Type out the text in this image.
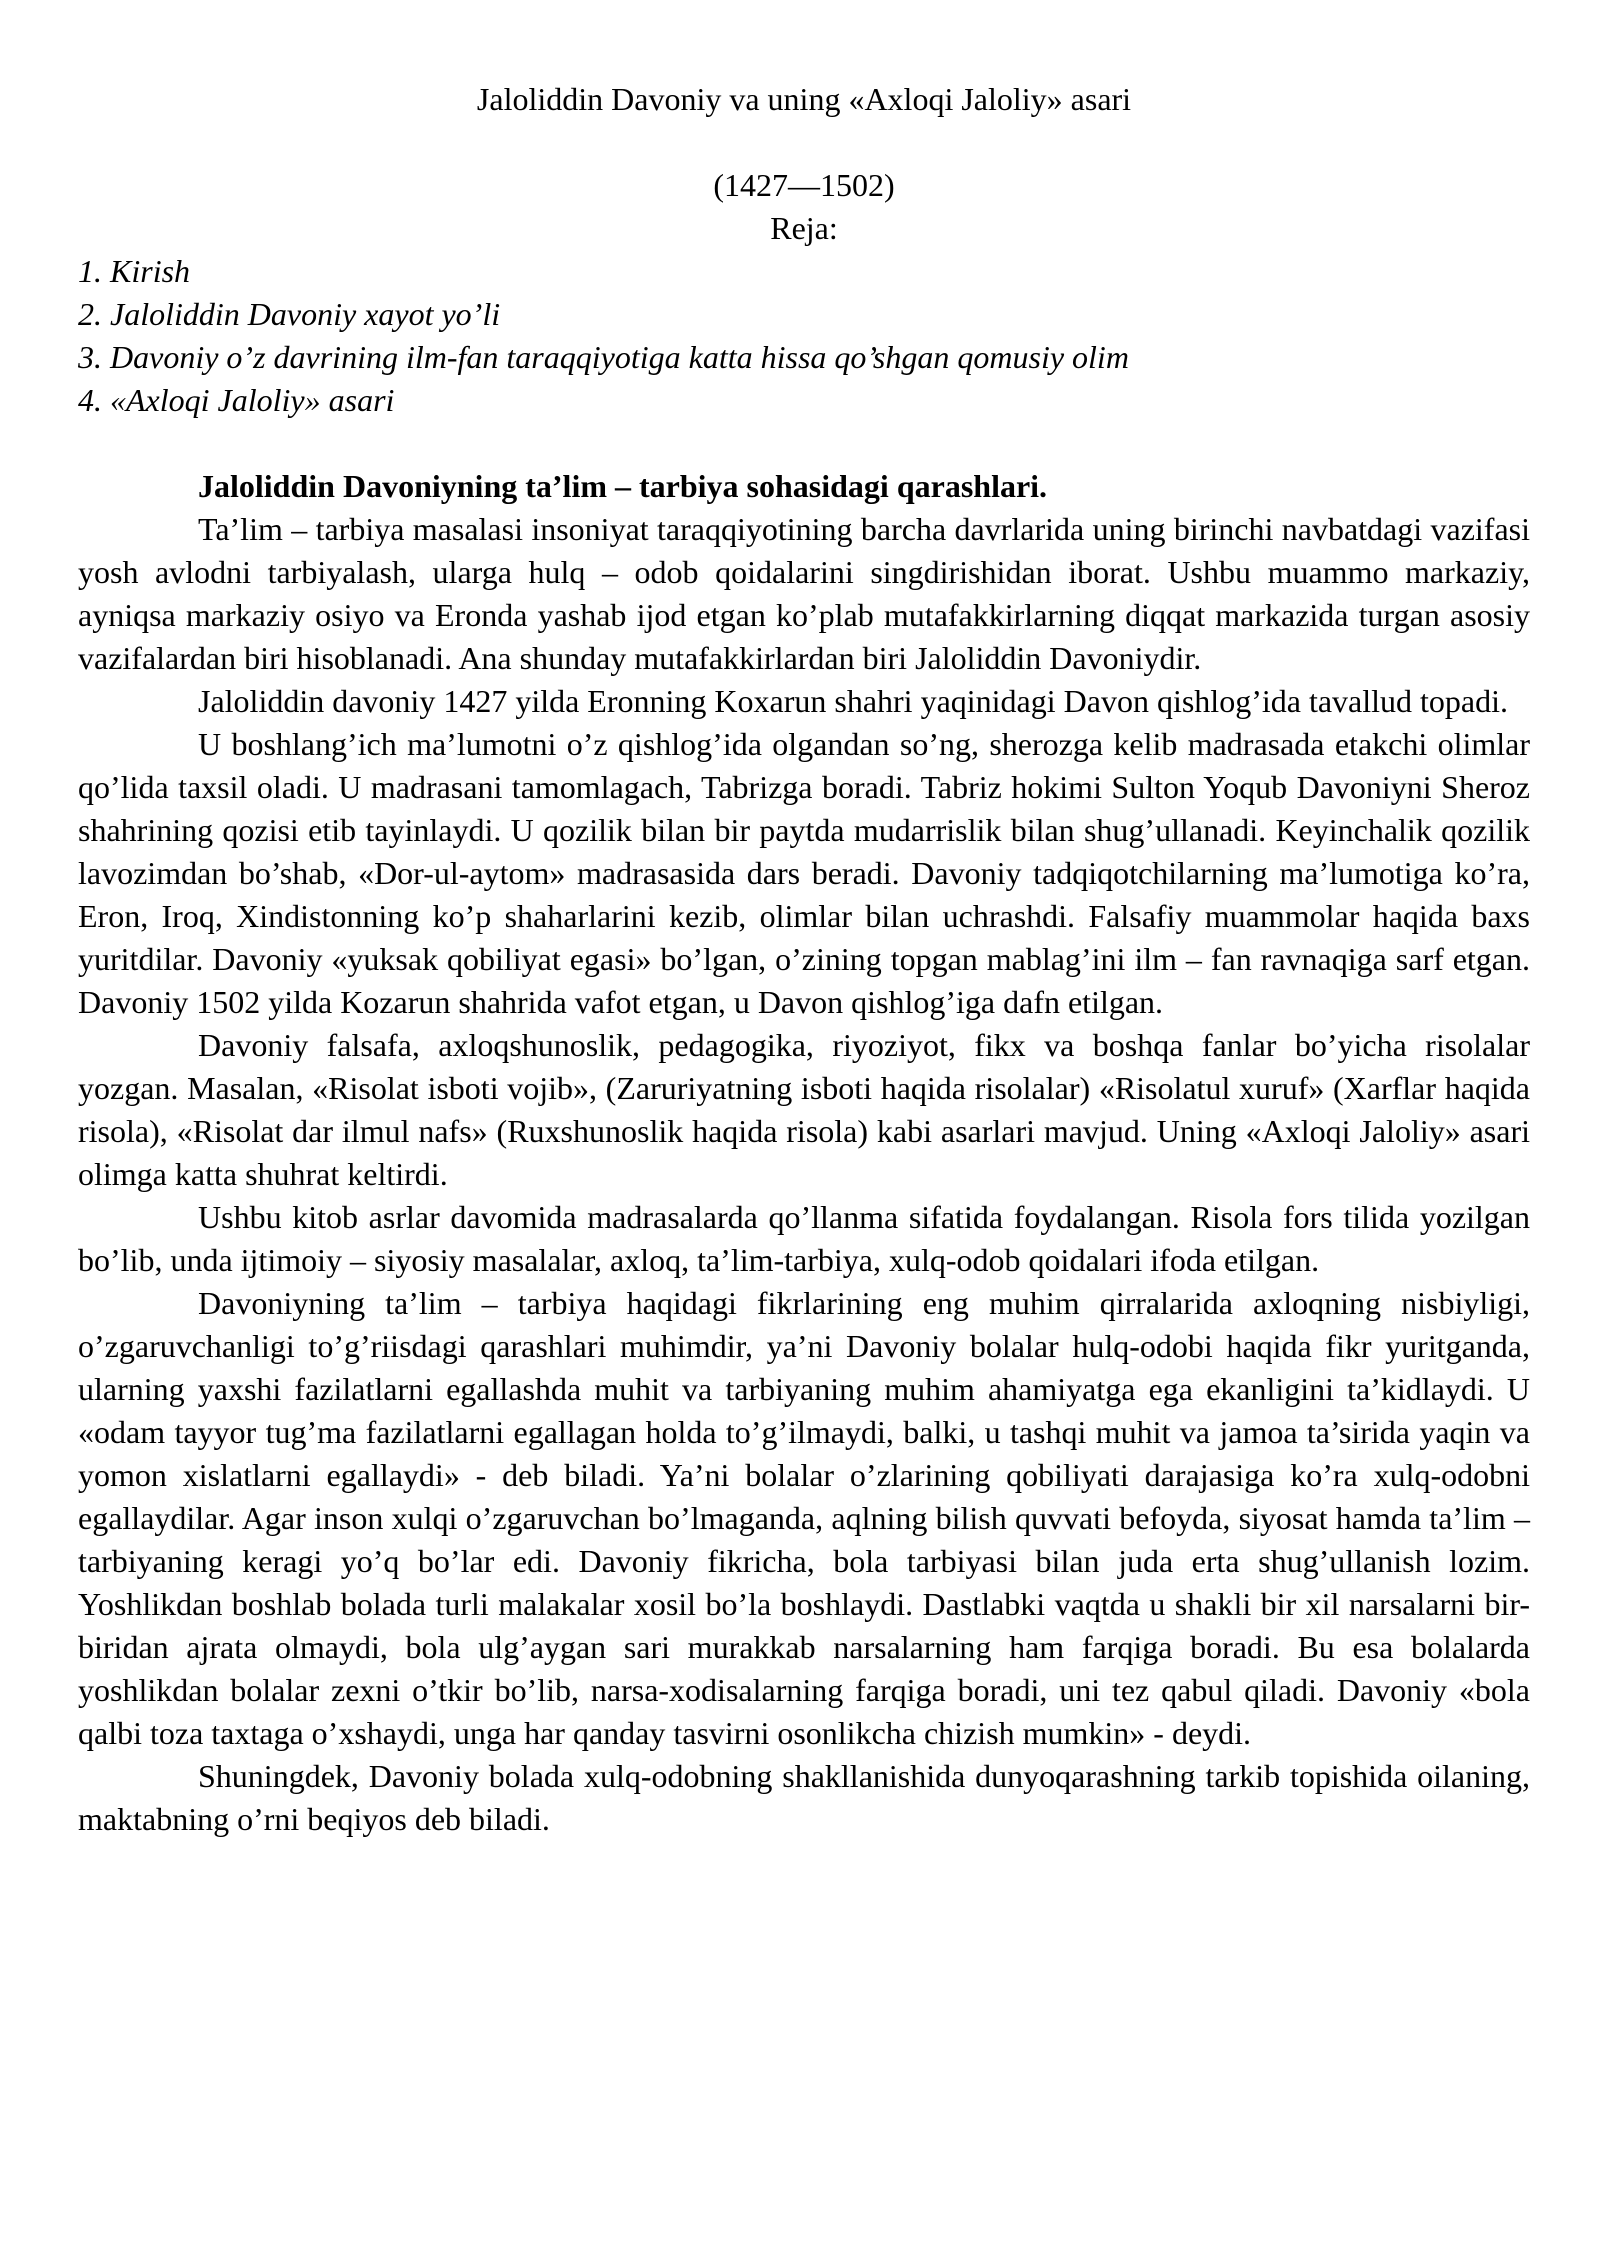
Jaloliddin Davoniy va uning «Axloqi Jaloliy» asari
(1427—1502)
Reja:
1. Kirish
2. Jaloliddin Davoniy xayot yo’li
3. Davoniy o’z davrining ilm-fan taraqqiyotiga katta hissa qo’shgan qomusiy olim
4. «Axloqi Jaloliy» asari
Jaloliddin Davoniyning ta’lim – tarbiya sohasidagi qarashlari.

Ta’lim – tarbiya masalasi insoniyat taraqqiyotining barcha davrlarida uning birinchi navbatdagi vazifasi yosh avlodni tarbiyalash, ularga hulq – odob qoidalarini singdirishidan iborat. Ushbu muammo markaziy, ayniqsa markaziy osiyo va Eronda yashab ijod etgan ko’plab mutafakkirlarning diqqat markazida turgan asosiy vazifalardan biri hisoblanadi. Ana shunday mutafakkirlardan biri Jaloliddin Davoniydir.

Jaloliddin davoniy 1427 yilda Eronning Koxarun shahri yaqinidagi Davon qishlog’ida tavallud topadi.

U boshlang’ich ma’lumotni o’z qishlog’ida olgandan so’ng, sherozga kelib madrasada etakchi olimlar qo’lida taxsil oladi. U madrasani tamomlagach, Tabrizga boradi. Tabriz hokimi Sulton Yoqub Davoniyni Sheroz shahrining qozisi etib tayinlaydi. U qozilik bilan bir paytda mudarrislik bilan shug’ullanadi. Keyinchalik qozilik lavozimdan bo’shab, «Dor-ul-aytom» madrasasida dars beradi. Davoniy tadqiqotchilarning ma’lumotiga ko’ra, Eron, Iroq, Xindistonning ko’p shaharlarini kezib, olimlar bilan uchrashdi. Falsafiy muammolar haqida baxs yuritdilar. Davoniy «yuksak qobiliyat egasi» bo’lgan, o’zining topgan mablag’ini ilm – fan ravnaqiga sarf etgan. Davoniy 1502 yilda Kozarun shahrida vafot etgan, u Davon qishlog’iga dafn etilgan.

Davoniy falsafa, axloqshunoslik, pedagogika, riyoziyot, fikx va boshqa fanlar bo’yicha risolalar yozgan. Masalan, «Risolat isboti vojib», (Zaruriyatning isboti haqida risolalar) «Risolatul xuruf» (Xarflar haqida risola), «Risolat dar ilmul nafs» (Ruxshunoslik haqida risola) kabi asarlari mavjud. Uning «Axloqi Jaloliy» asari olimga katta shuhrat keltirdi.

Ushbu kitob asrlar davomida madrasalarda qo’llanma sifatida foydalangan. Risola fors tilida yozilgan bo’lib, unda ijtimoiy – siyosiy masalalar, axloq, ta’lim-tarbiya, xulq-odob qoidalari ifoda etilgan.

Davoniyning ta’lim – tarbiya haqidagi fikrlarining eng muhim qirralarida axloqning nisbiyligi, o’zgaruvchanligi to’g’riisdagi qarashlari muhimdir, ya’ni Davoniy bolalar hulq-odobi haqida fikr yuritganda, ularning yaxshi fazilatlarni egallashda muhit va tarbiyaning muhim ahamiyatga ega ekanligini ta’kidlaydi. U «odam tayyor tug’ma fazilatlarni egallagan holda to’g’ilmaydi, balki, u tashqi muhit va jamoa ta’sirida yaqin va yomon xislatlarni egallaydi» - deb biladi. Ya’ni bolalar o’zlarining qobiliyati darajasiga ko’ra xulq-odobni egallaydilar. Agar inson xulqi o’zgaruvchan bo’lmaganda, aqlning bilish quvvati befoyda, siyosat hamda ta’lim – tarbiyaning keragi yo’q bo’lar edi. Davoniy fikricha, bola tarbiyasi bilan juda erta shug’ullanish lozim. Yoshlikdan boshlab bolada turli malakalar xosil bo’la boshlaydi. Dastlabki vaqtda u shakli bir xil narsalarni bir-biridan ajrata olmaydi, bola ulg’aygan sari murakkab narsalarning ham farqiga boradi. Bu esa bolalarda yoshlikdan bolalar zexni o’tkir bo’lib, narsa-xodisalarning farqiga boradi, uni tez qabul qiladi. Davoniy «bola qalbi toza taxtaga o’xshaydi, unga har qanday tasvirni osonlikcha chizish mumkin» - deydi.

Shuningdek, Davoniy bolada xulq-odobning shakllanishida dunyoqarashning tarkib topishida oilaning, maktabning o’rni beqiyos deb biladi.
